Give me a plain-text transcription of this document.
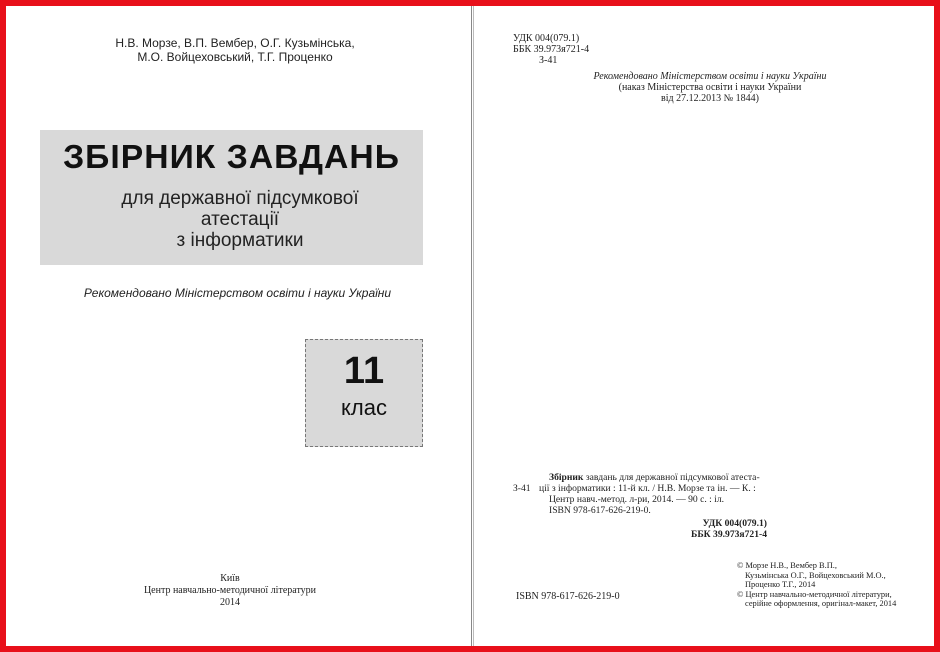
Н.В. Морзе, В.П. Вембер, О.Г. Кузьмінська,
М.О. Войцеховський, Т.Г. Проценко
ЗБІРНИК ЗАВДАНЬ
для державної підсумкової атестації
з інформатики
Рекомендовано Міністерством освіти і науки України
11
клас
Київ
Центр навчально-методичної літератури
2014
УДК 004(079.1)
ББК 39.973я721-4
З-41
Рекомендовано Міністерством освіти і науки України
(наказ Міністерства освіти і науки України
від 27.12.2013 № 1844)
Збірник завдань для державної підсумкової атеста-
З-41 ції з інформатики : 11-й кл. / Н.В. Морзе та ін. — К. :
Центр навч.-метод. л-ри, 2014. — 90 с. : іл.
ISBN 978-617-626-219-0.
УДК 004(079.1)
ББК 39.973я721-4
ISBN 978-617-626-219-0
© Морзе Н.В., Вембер В.П.,
Кузьмінська О.Г., Войцеховський М.О.,
Проценко Т.Г., 2014
© Центр навчально-методичної літератури,
серійне оформлення, оригінал-макет, 2014
